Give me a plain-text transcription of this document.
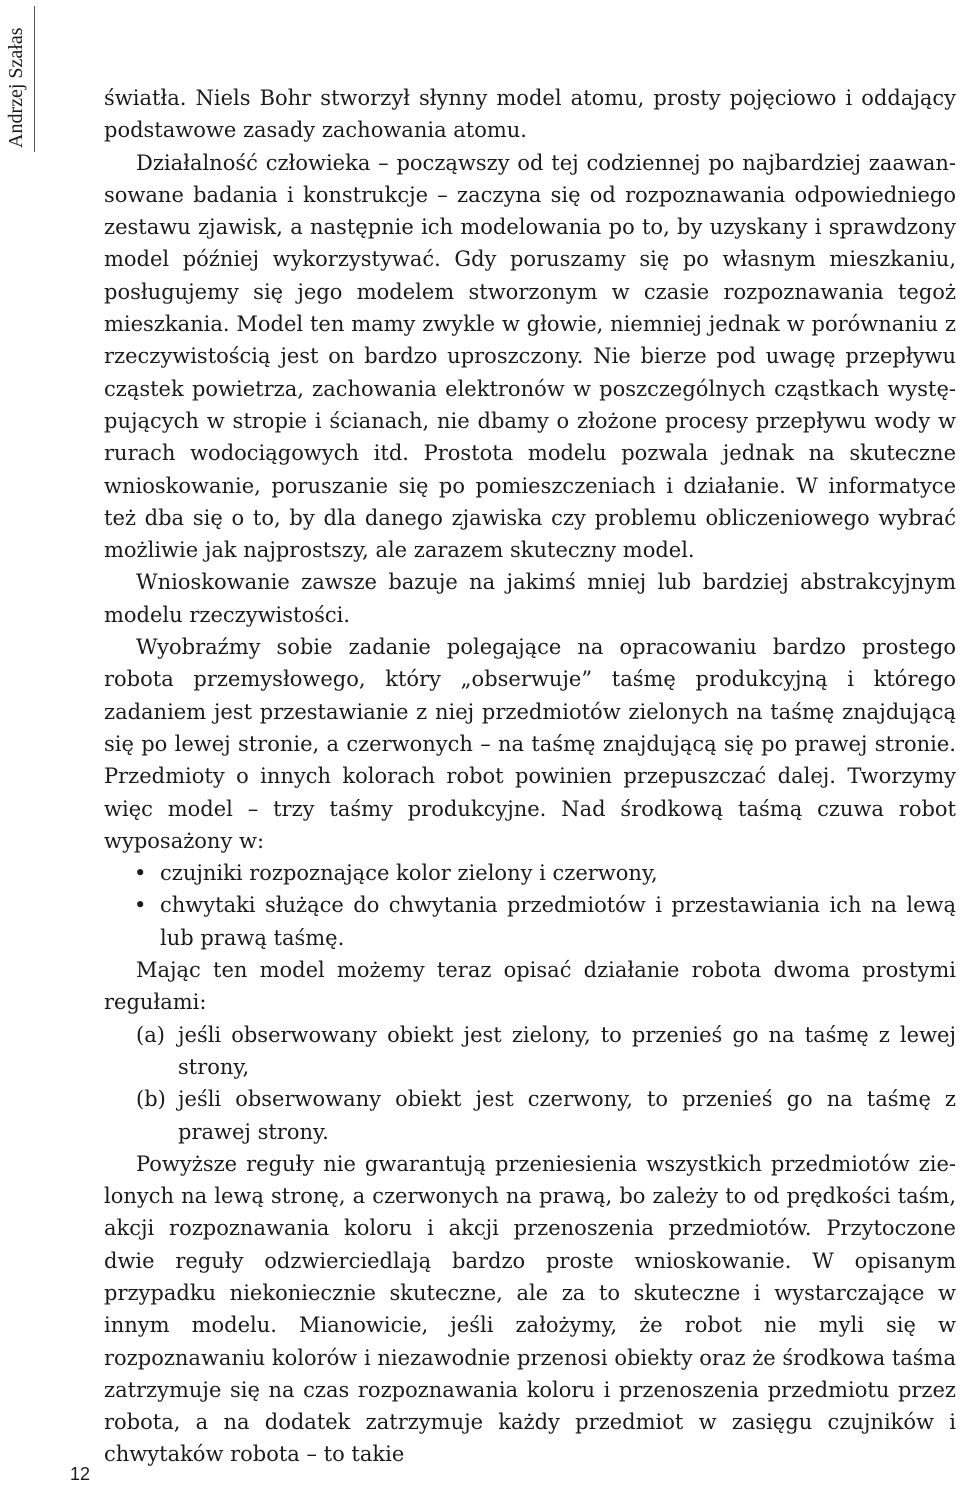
Andrzej Szałas	światła. Niels Bohr stworzył słynny model atomu, prosty pojęciowo i oddający podstawowe zasady zachowania atomu.

Działalność człowieka – począwszy od tej codziennej po najbardziej zaawansowane badania i konstrukcje – zaczyna się od rozpoznawania odpowiedniego zestawu zjawisk, a następnie ich modelowania po to, by uzyskany i sprawdzony model później wykorzystywać. Gdy poruszamy się po własnym mieszkaniu, posługujemy się jego modelem stworzonym w czasie rozpoznawania tegoż mieszkania. Model ten mamy zwykle w głowie, niemniej jednak w porównaniu z rzeczywistością jest on bardzo uproszczony. Nie bierze pod uwagę przepływu cząstek powietrza, zachowania elektronów w poszczególnych cząstkach występujących w stropie i ścianach, nie dbamy o złożone procesy przepływu wody w rurach wodociągowych itd. Prostota modelu pozwala jednak na skuteczne wnioskowanie, poruszanie się po pomieszczeniach i działanie. W informatyce też dba się o to, by dla danego zjawiska czy problemu obliczeniowego wybrać możliwie jak najprostszy, ale zarazem skuteczny model.

Wnioskowanie zawsze bazuje na jakimś mniej lub bardziej abstrakcyjnym modelu rzeczywistości.

Wyobraźmy sobie zadanie polegające na opracowaniu bardzo prostego robota przemysłowego, który „obserwuje” taśmę produkcyjną i którego zadaniem jest przestawianie z niej przedmiotów zielonych na taśmę znajdującą się po lewej stronie, a czerwonych – na taśmę znajdującą się po prawej stronie. Przedmioty o innych kolorach robot powinien przepuszczać dalej. Tworzymy więc model – trzy taśmy produkcyjne. Nad środkową taśmą czuwa robot wyposażony w:

• czujniki rozpoznające kolor zielony i czerwony,
• chwytaki służące do chwytania przedmiotów i przestawiania ich na lewą lub prawą taśmę.

Mając ten model możemy teraz opisać działanie robota dwoma prostymi regułami:

(a) jeśli obserwowany obiekt jest zielony, to przenieś go na taśmę z lewej strony,
(b) jeśli obserwowany obiekt jest czerwony, to przenieś go na taśmę z prawej strony.

Powyższe reguły nie gwarantują przeniesienia wszystkich przedmiotów zielonych na lewą stronę, a czerwonych na prawą, bo zależy to od prędkości taśm, akcji rozpoznawania koloru i akcji przenoszenia przedmiotów. Przytoczone dwie reguły odzwierciedlają bardzo proste wnioskowanie. W opisanym przypadku niekoniecznie skuteczne, ale za to skuteczne i wystarczające w innym modelu. Mianowicie, jeśli założymy, że robot nie myli się w rozpoznawaniu kolorów i niezawodnie przenosi obiekty oraz że środkowa taśma zatrzymuje się na czas rozpoznawania koloru i przenoszenia przedmiotu przez robota, a na dodatek zatrzymuje każdy przedmiot w zasięgu czujników i chwytaków robota – to takie

12
